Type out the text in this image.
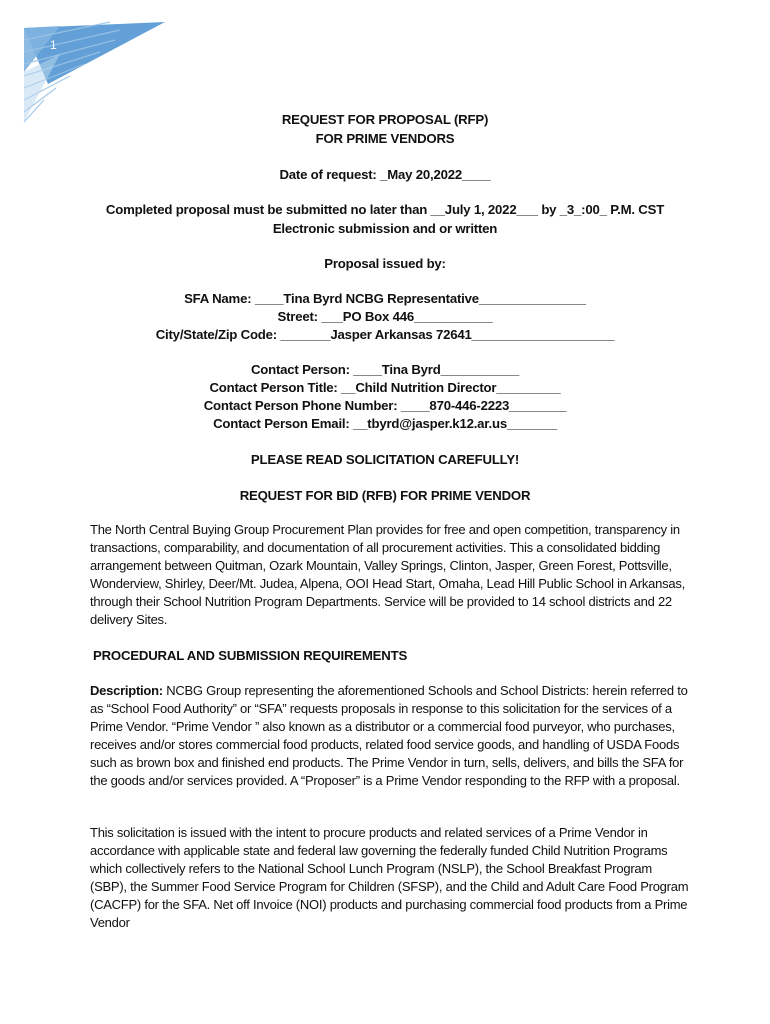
1
REQUEST FOR PROPOSAL (RFP)
FOR PRIME VENDORS
Date of request: _May 20,2022____
Completed proposal must be submitted no later than __July 1, 2022___ by _3_:00_ P.M. CST
Electronic submission and or written
Proposal issued by:
SFA Name: ____Tina Byrd NCBG Representative_______________
Street: ___PO Box 446___________
City/State/Zip Code: _______Jasper Arkansas 72641____________________
Contact Person: ____Tina Byrd___________
Contact Person Title: __Child Nutrition Director_________
Contact Person Phone Number: ____870-446-2223________
Contact Person Email: __tbyrd@jasper.k12.ar.us_______
PLEASE READ SOLICITATION CAREFULLY!
REQUEST FOR BID (RFB) FOR PRIME VENDOR
The North Central Buying Group Procurement Plan provides for free and open competition, transparency in transactions, comparability, and documentation of all procurement activities. This a consolidated bidding arrangement between Quitman, Ozark Mountain, Valley Springs, Clinton, Jasper, Green Forest, Pottsville, Wonderview, Shirley, Deer/Mt. Judea, Alpena, OOI Head Start, Omaha, Lead Hill Public School in Arkansas, through their School Nutrition Program Departments. Service will be provided to 14 school districts and 22 delivery Sites.
PROCEDURAL AND SUBMISSION REQUIREMENTS
Description: NCBG Group representing the aforementioned Schools and School Districts: herein referred to as “School Food Authority” or “SFA” requests proposals in response to this solicitation for the services of a Prime Vendor. “Prime Vendor ” also known as a distributor or a commercial food purveyor, who purchases, receives and/or stores commercial food products, related food service goods, and handling of USDA Foods such as brown box and finished end products. The Prime Vendor in turn, sells, delivers, and bills the SFA for the goods and/or services provided. A “Proposer” is a Prime Vendor responding to the RFP with a proposal.
This solicitation is issued with the intent to procure products and related services of a Prime Vendor in accordance with applicable state and federal law governing the federally funded Child Nutrition Programs which collectively refers to the National School Lunch Program (NSLP), the School Breakfast Program (SBP), the Summer Food Service Program for Children (SFSP), and the Child and Adult Care Food Program (CACFP) for the SFA. Net off Invoice (NOI) products and purchasing commercial food products from a Prime Vendor
